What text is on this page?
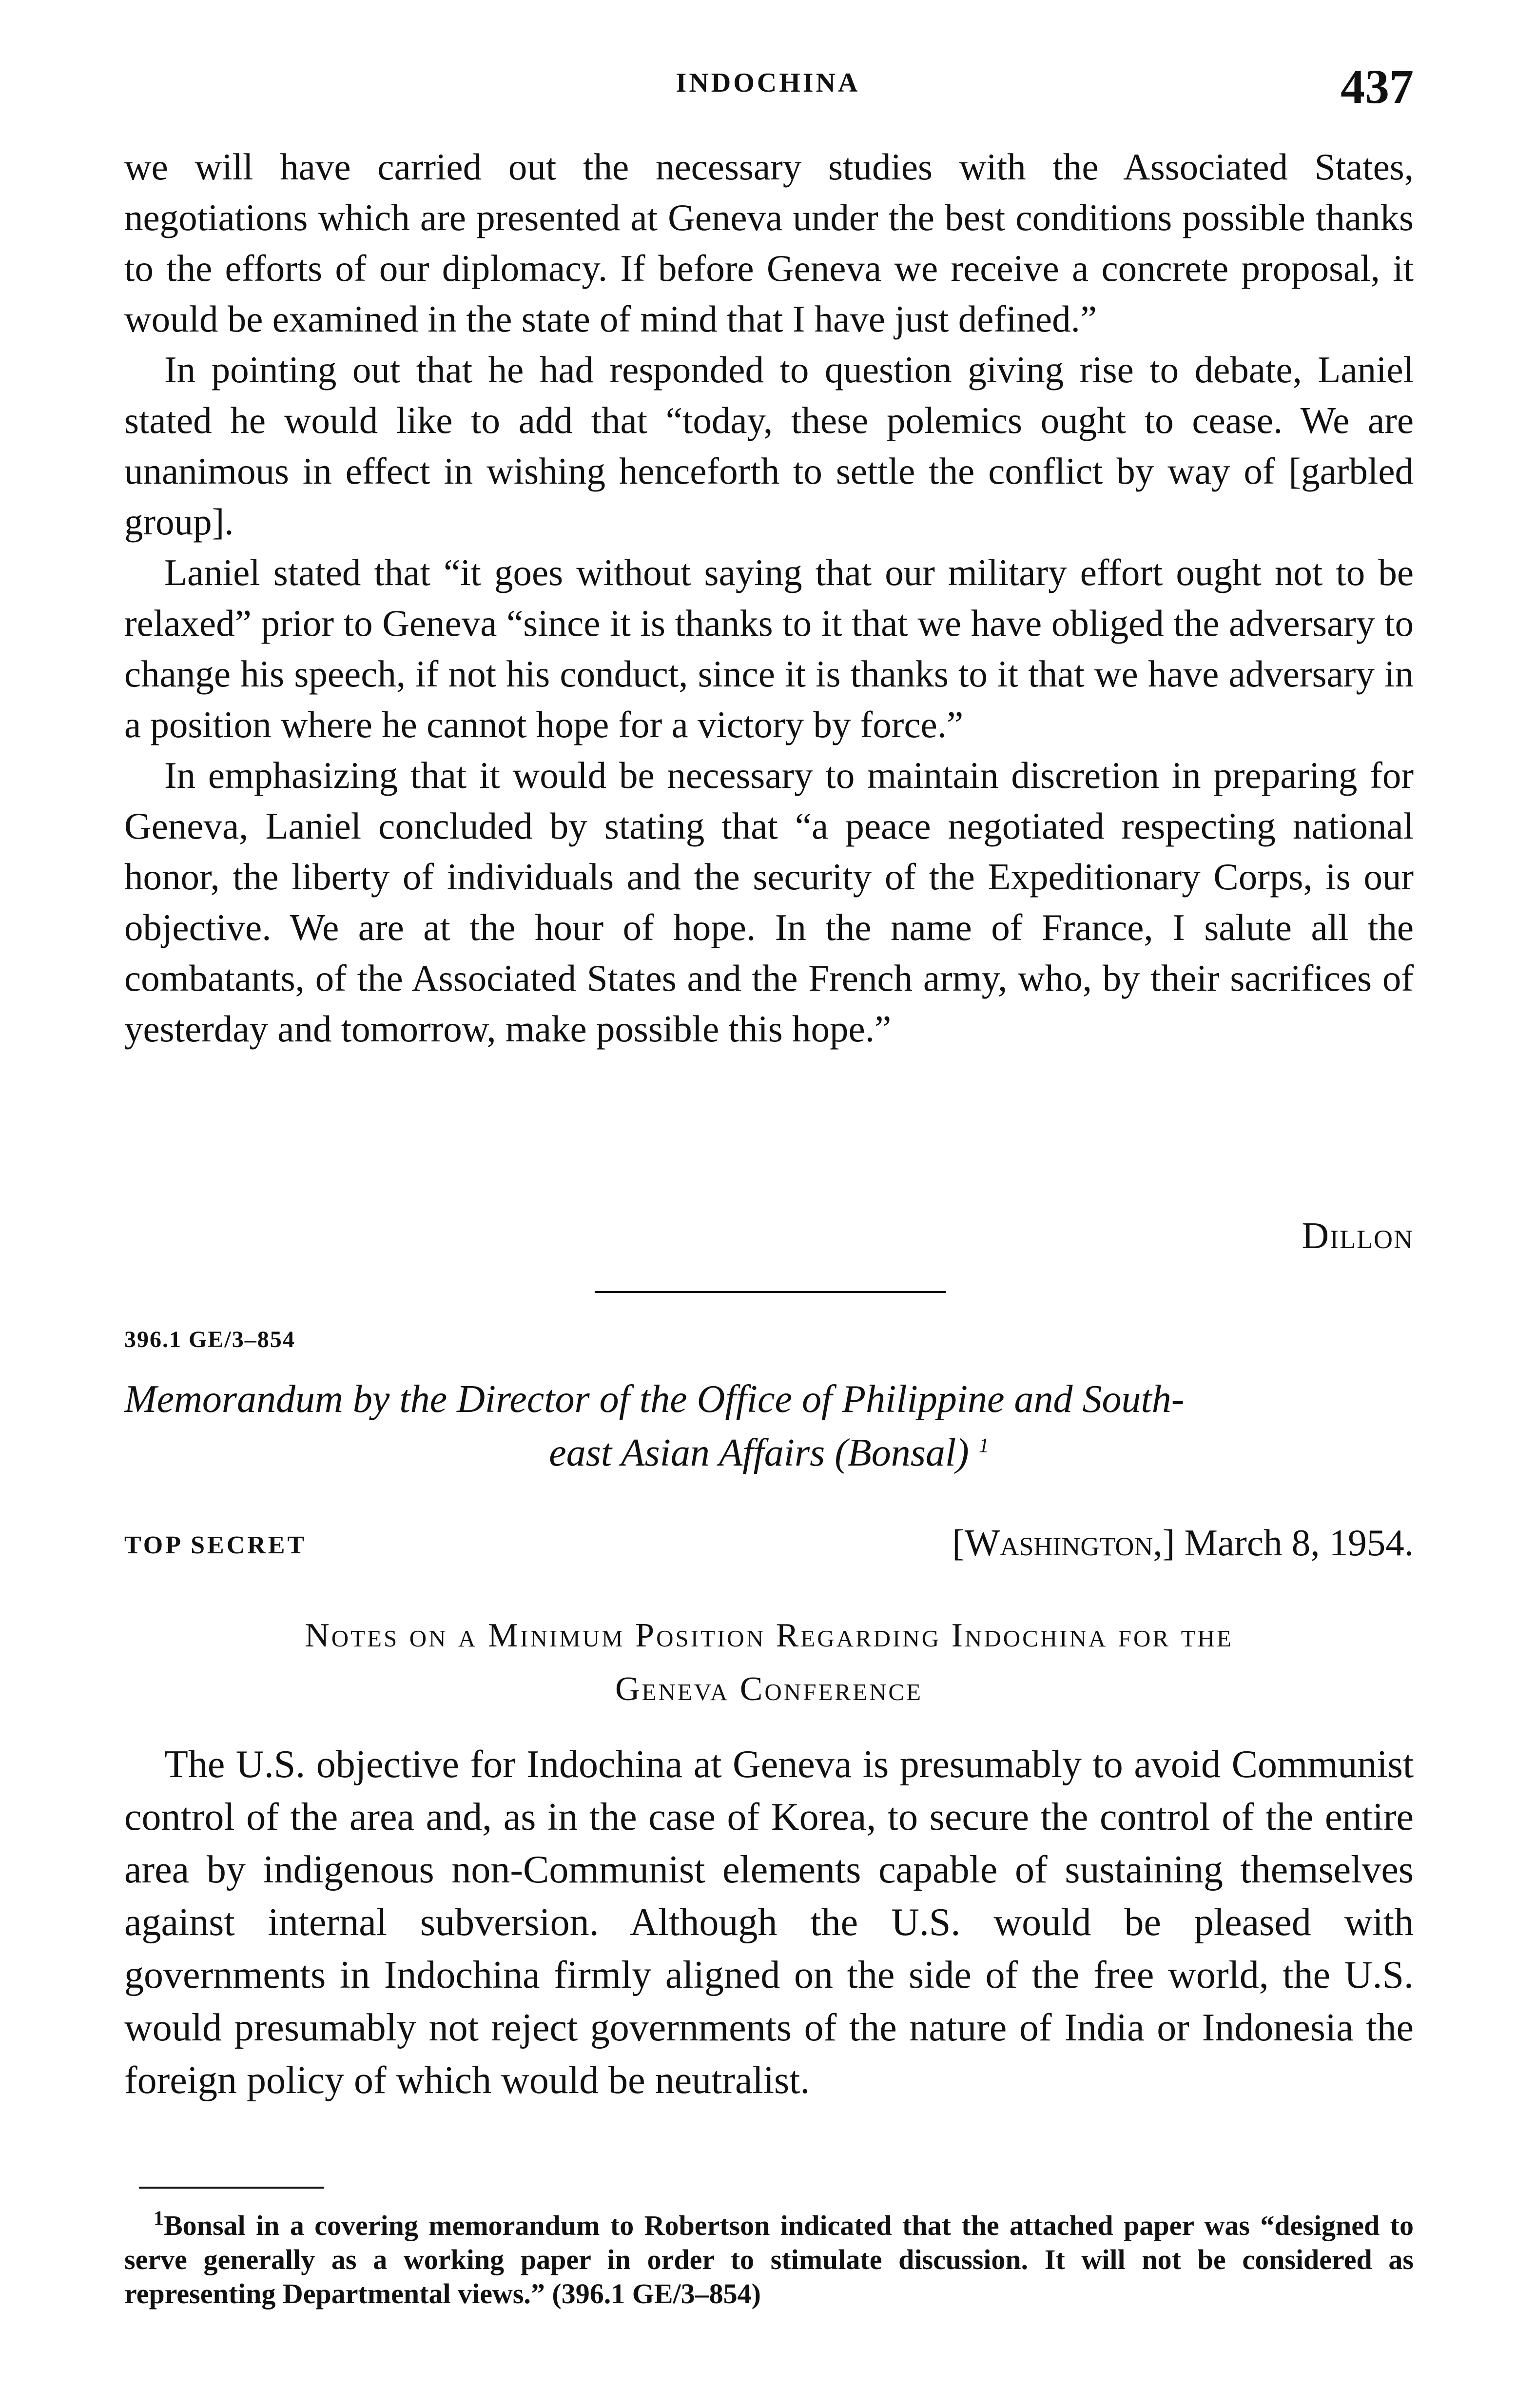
INDOCHINA	437

we will have carried out the necessary studies with the Associated States, negotiations which are presented at Geneva under the best conditions possible thanks to the efforts of our diplomacy. If before Geneva we receive a concrete proposal, it would be examined in the state of mind that I have just defined.”

In pointing out that he had responded to question giving rise to debate, Laniel stated he would like to add that “today, these polemics ought to cease. We are unanimous in effect in wishing henceforth to settle the conflict by way of [garbled group].

Laniel stated that “it goes without saying that our military effort ought not to be relaxed” prior to Geneva “since it is thanks to it that we have obliged the adversary to change his speech, if not his conduct, since it is thanks to it that we have adversary in a position where he cannot hope for a victory by force.”

In emphasizing that it would be necessary to maintain discretion in preparing for Geneva, Laniel concluded by stating that “a peace negotiated respecting national honor, the liberty of individuals and the security of the Expeditionary Corps, is our objective. We are at the hour of hope. In the name of France, I salute all the combatants, of the Associated States and the French army, who, by their sacrifices of yesterday and tomorrow, make possible this hope.”

Dillon
396.1 GE/3–854
Memorandum by the Director of the Office of Philippine and South-
east Asian Affairs (Bonsal) $^1$
TOP SECRET	[Washington,] March 8, 1954.
Notes on a Minimum Position Regarding Indochina for the
Geneva Conference

The U.S. objective for Indochina at Geneva is presumably to avoid Communist control of the area and, as in the case of Korea, to secure the control of the entire area by indigenous non-Communist elements capable of sustaining themselves against internal subversion. Although the U.S. would be pleased with governments in Indochina firmly aligned on the side of the free world, the U.S. would presumably not reject governments of the nature of India or Indonesia the foreign policy of which would be neutralist.

$^1$Bonsal in a covering memorandum to Robertson indicated that the attached paper was “designed to serve generally as a working paper in order to stimulate discussion. It will not be considered as representing Departmental views.” (396.1 GE/3–854)
